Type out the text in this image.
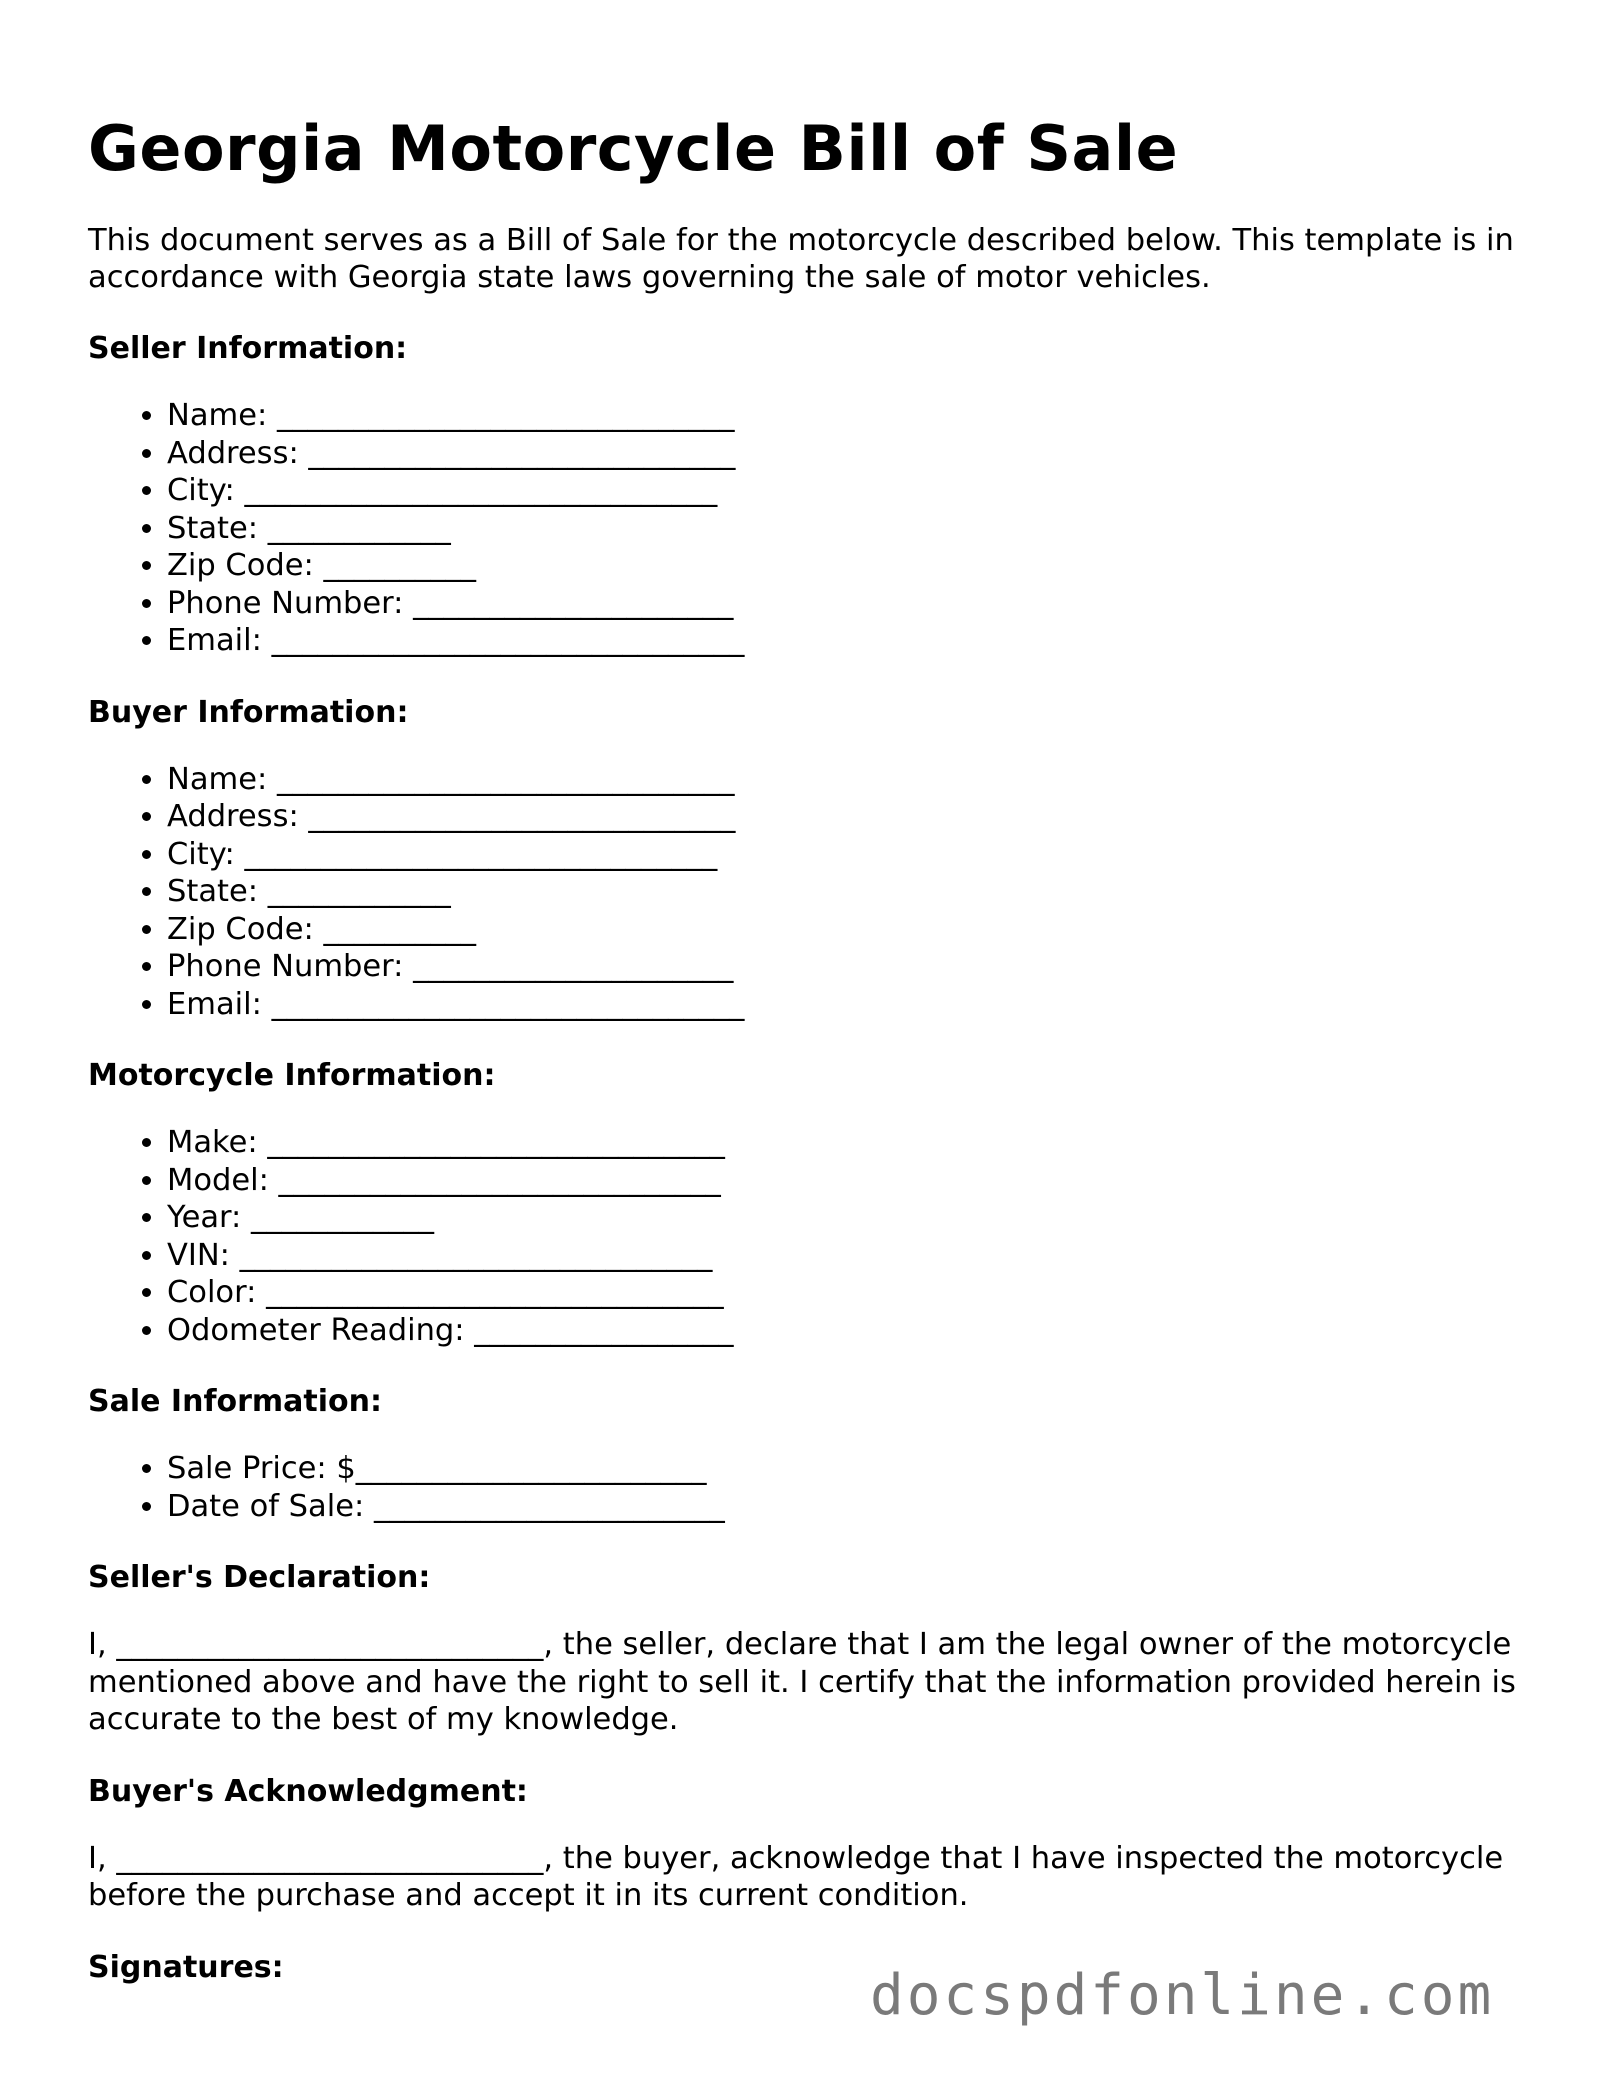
Georgia Motorcycle Bill of Sale

This document serves as a Bill of Sale for the motorcycle described below. This template is in accordance with Georgia state laws governing the sale of motor vehicles.

Seller Information:
• Name: ______________________________
• Address: ____________________________
• City: _______________________________
• State: ____________
• Zip Code: __________
• Phone Number: _____________________
• Email: _______________________________
Buyer Information:
• Name: ______________________________
• Address: ____________________________
• City: _______________________________
• State: ____________
• Zip Code: __________
• Phone Number: _____________________
• Email: _______________________________
Motorcycle Information:
• Make: ______________________________
• Model: _____________________________
• Year: ____________
• VIN: _______________________________
• Color: ______________________________
• Odometer Reading: _________________
Sale Information:
• Sale Price: $_______________________
• Date of Sale: _______________________
Seller's Declaration:

I, ____________________________, the seller, declare that I am the legal owner of the motorcycle mentioned above and have the right to sell it. I certify that the information provided herein is accurate to the best of my knowledge.

Buyer's Acknowledgment:

I, ____________________________, the buyer, acknowledge that I have inspected the motorcycle before the purchase and accept it in its current condition.

Signatures:	docspdfonline.com
